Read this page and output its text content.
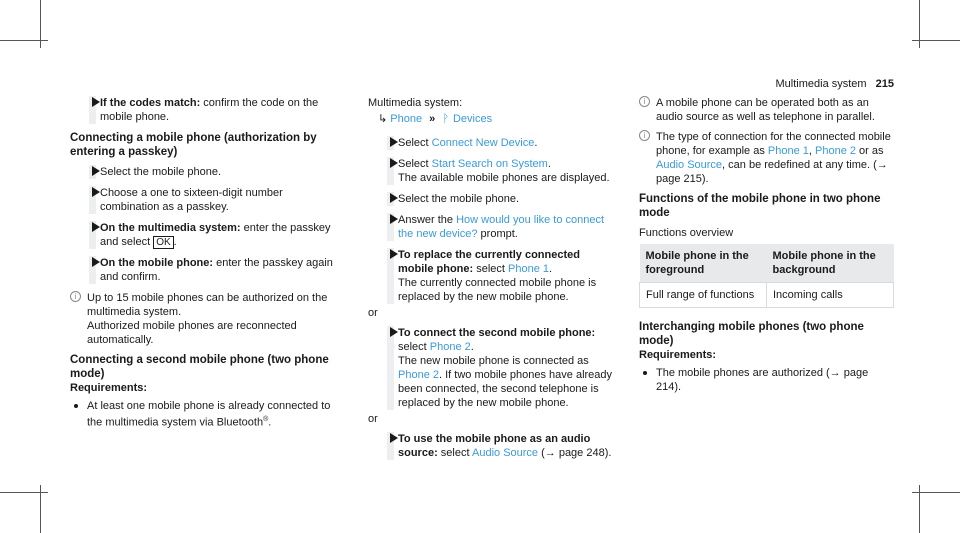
Multimedia system 215
If the codes match: confirm the code on the mobile phone.
Connecting a mobile phone (authorization by entering a passkey)
Select the mobile phone.
Choose a one to sixteen-digit number combination as a passkey.
On the multimedia system: enter the passkey and select OK .
On the mobile phone: enter the passkey again and confirm.
i Up to 15 mobile phones can be authorized on the multimedia system.
Authorized mobile phones are reconnected automatically.
Connecting a second mobile phone (two phone mode)
Requirements:
At least one mobile phone is already connected to the multimedia system via Bluetooth®.
Multimedia system:
↳ Phone » ᚹ Devices
Select Connect New Device.
Select Start Search on System.
The available mobile phones are displayed.
Select the mobile phone.
Answer the How would you like to connect the new device? prompt.
To replace the currently connected mobile phone: select Phone 1.
The currently connected mobile phone is replaced by the new mobile phone.
or
To connect the second mobile phone: select Phone 2.
The new mobile phone is connected as Phone 2. If two mobile phones have already been connected, the second telephone is replaced by the new mobile phone.
or
To use the mobile phone as an audio source: select Audio Source (→ page 248).
i A mobile phone can be operated both as an audio source as well as telephone in parallel.
i The type of connection for the connected mobile phone, for example as Phone 1, Phone 2 or as Audio Source, can be redefined at any time. (→ page 215).
Functions of the mobile phone in two phone mode
Functions overview
Mobile phone in the foreground	Mobile phone in the background
Full range of functions	Incoming calls
Interchanging mobile phones (two phone mode)
Requirements:
The mobile phones are authorized (→ page 214).
